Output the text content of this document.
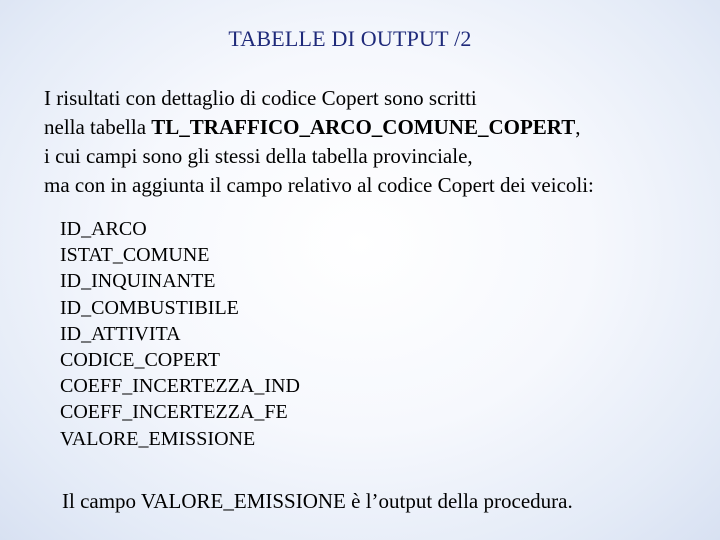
TABELLE DI OUTPUT /2
I risultati con dettaglio di codice Copert sono scritti
nella tabella TL_TRAFFICO_ARCO_COMUNE_COPERT,
i cui campi sono gli stessi della tabella provinciale,
ma con in aggiunta il campo relativo al codice Copert dei veicoli:
ID_ARCO
ISTAT_COMUNE
ID_INQUINANTE
ID_COMBUSTIBILE
ID_ATTIVITA
CODICE_COPERT
COEFF_INCERTEZZA_IND
COEFF_INCERTEZZA_FE
VALORE_EMISSIONE
Il campo VALORE_EMISSIONE è l’output della procedura.
